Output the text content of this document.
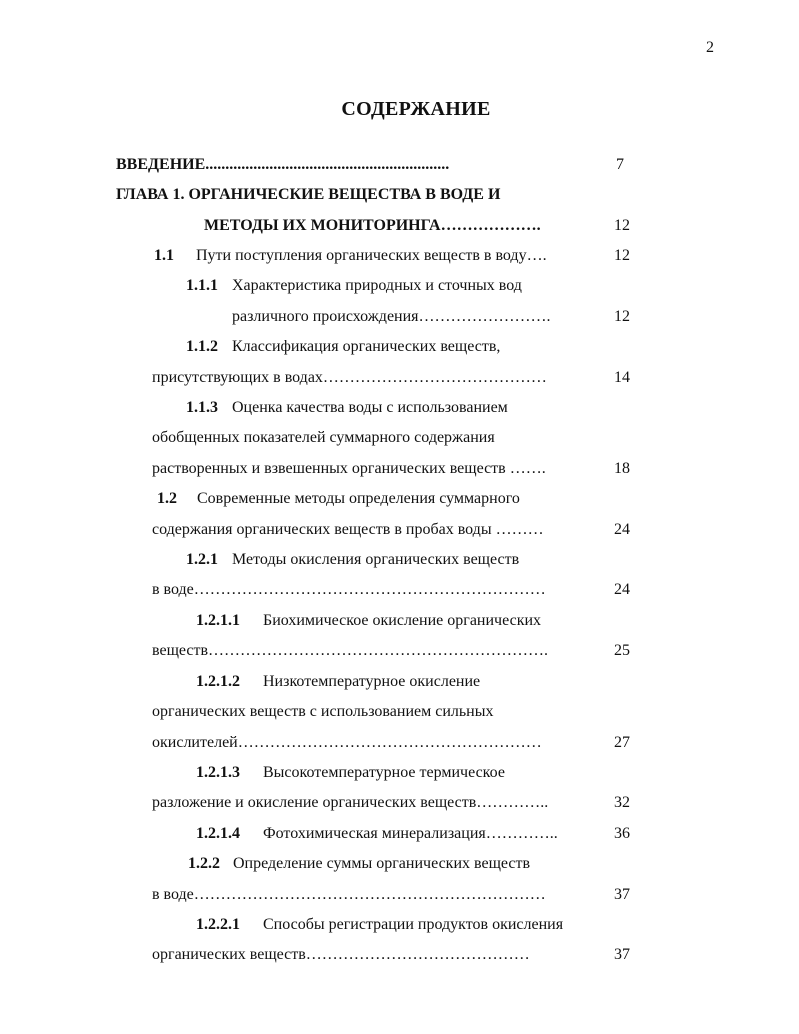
2
СОДЕРЖАНИЕ
ВВЕДЕНИЕ.............................................................	7
ГЛАВА 1. ОРГАНИЧЕСКИЕ ВЕЩЕСТВА В ВОДЕ И
МЕТОДЫ ИХ МОНИТОРИНГА……………….	12
1.1 Пути поступления органических веществ в воду….	12
1.1.1 Характеристика природных и сточных вод
различного происхождения…………………….	12
1.1.2 Классификация органических веществ,
присутствующих в водах……………………………………	14
1.1.3 Оценка качества воды с использованием
обобщенных показателей суммарного содержания
растворенных и взвешенных органических веществ …….	18
1.2 Современные методы определения суммарного
содержания органических веществ в пробах воды ………	24
1.2.1 Методы окисления органических веществ
в воде…………………………………………………………	24
1.2.1.1 Биохимическое окисление органических
веществ……………………………………………………….	25
1.2.1.2 Низкотемпературное окисление
органических веществ с использованием сильных
окислителей…………………………………………………	27
1.2.1.3 Высокотемпературное термическое
разложение и окисление органических веществ…………..	32
1.2.1.4 Фотохимическая минерализация…………..	36
1.2.2 Определение суммы органических веществ
в воде…………………………………………………………	37
1.2.2.1 Способы регистрации продуктов окисления
органических веществ……………………………………	37
